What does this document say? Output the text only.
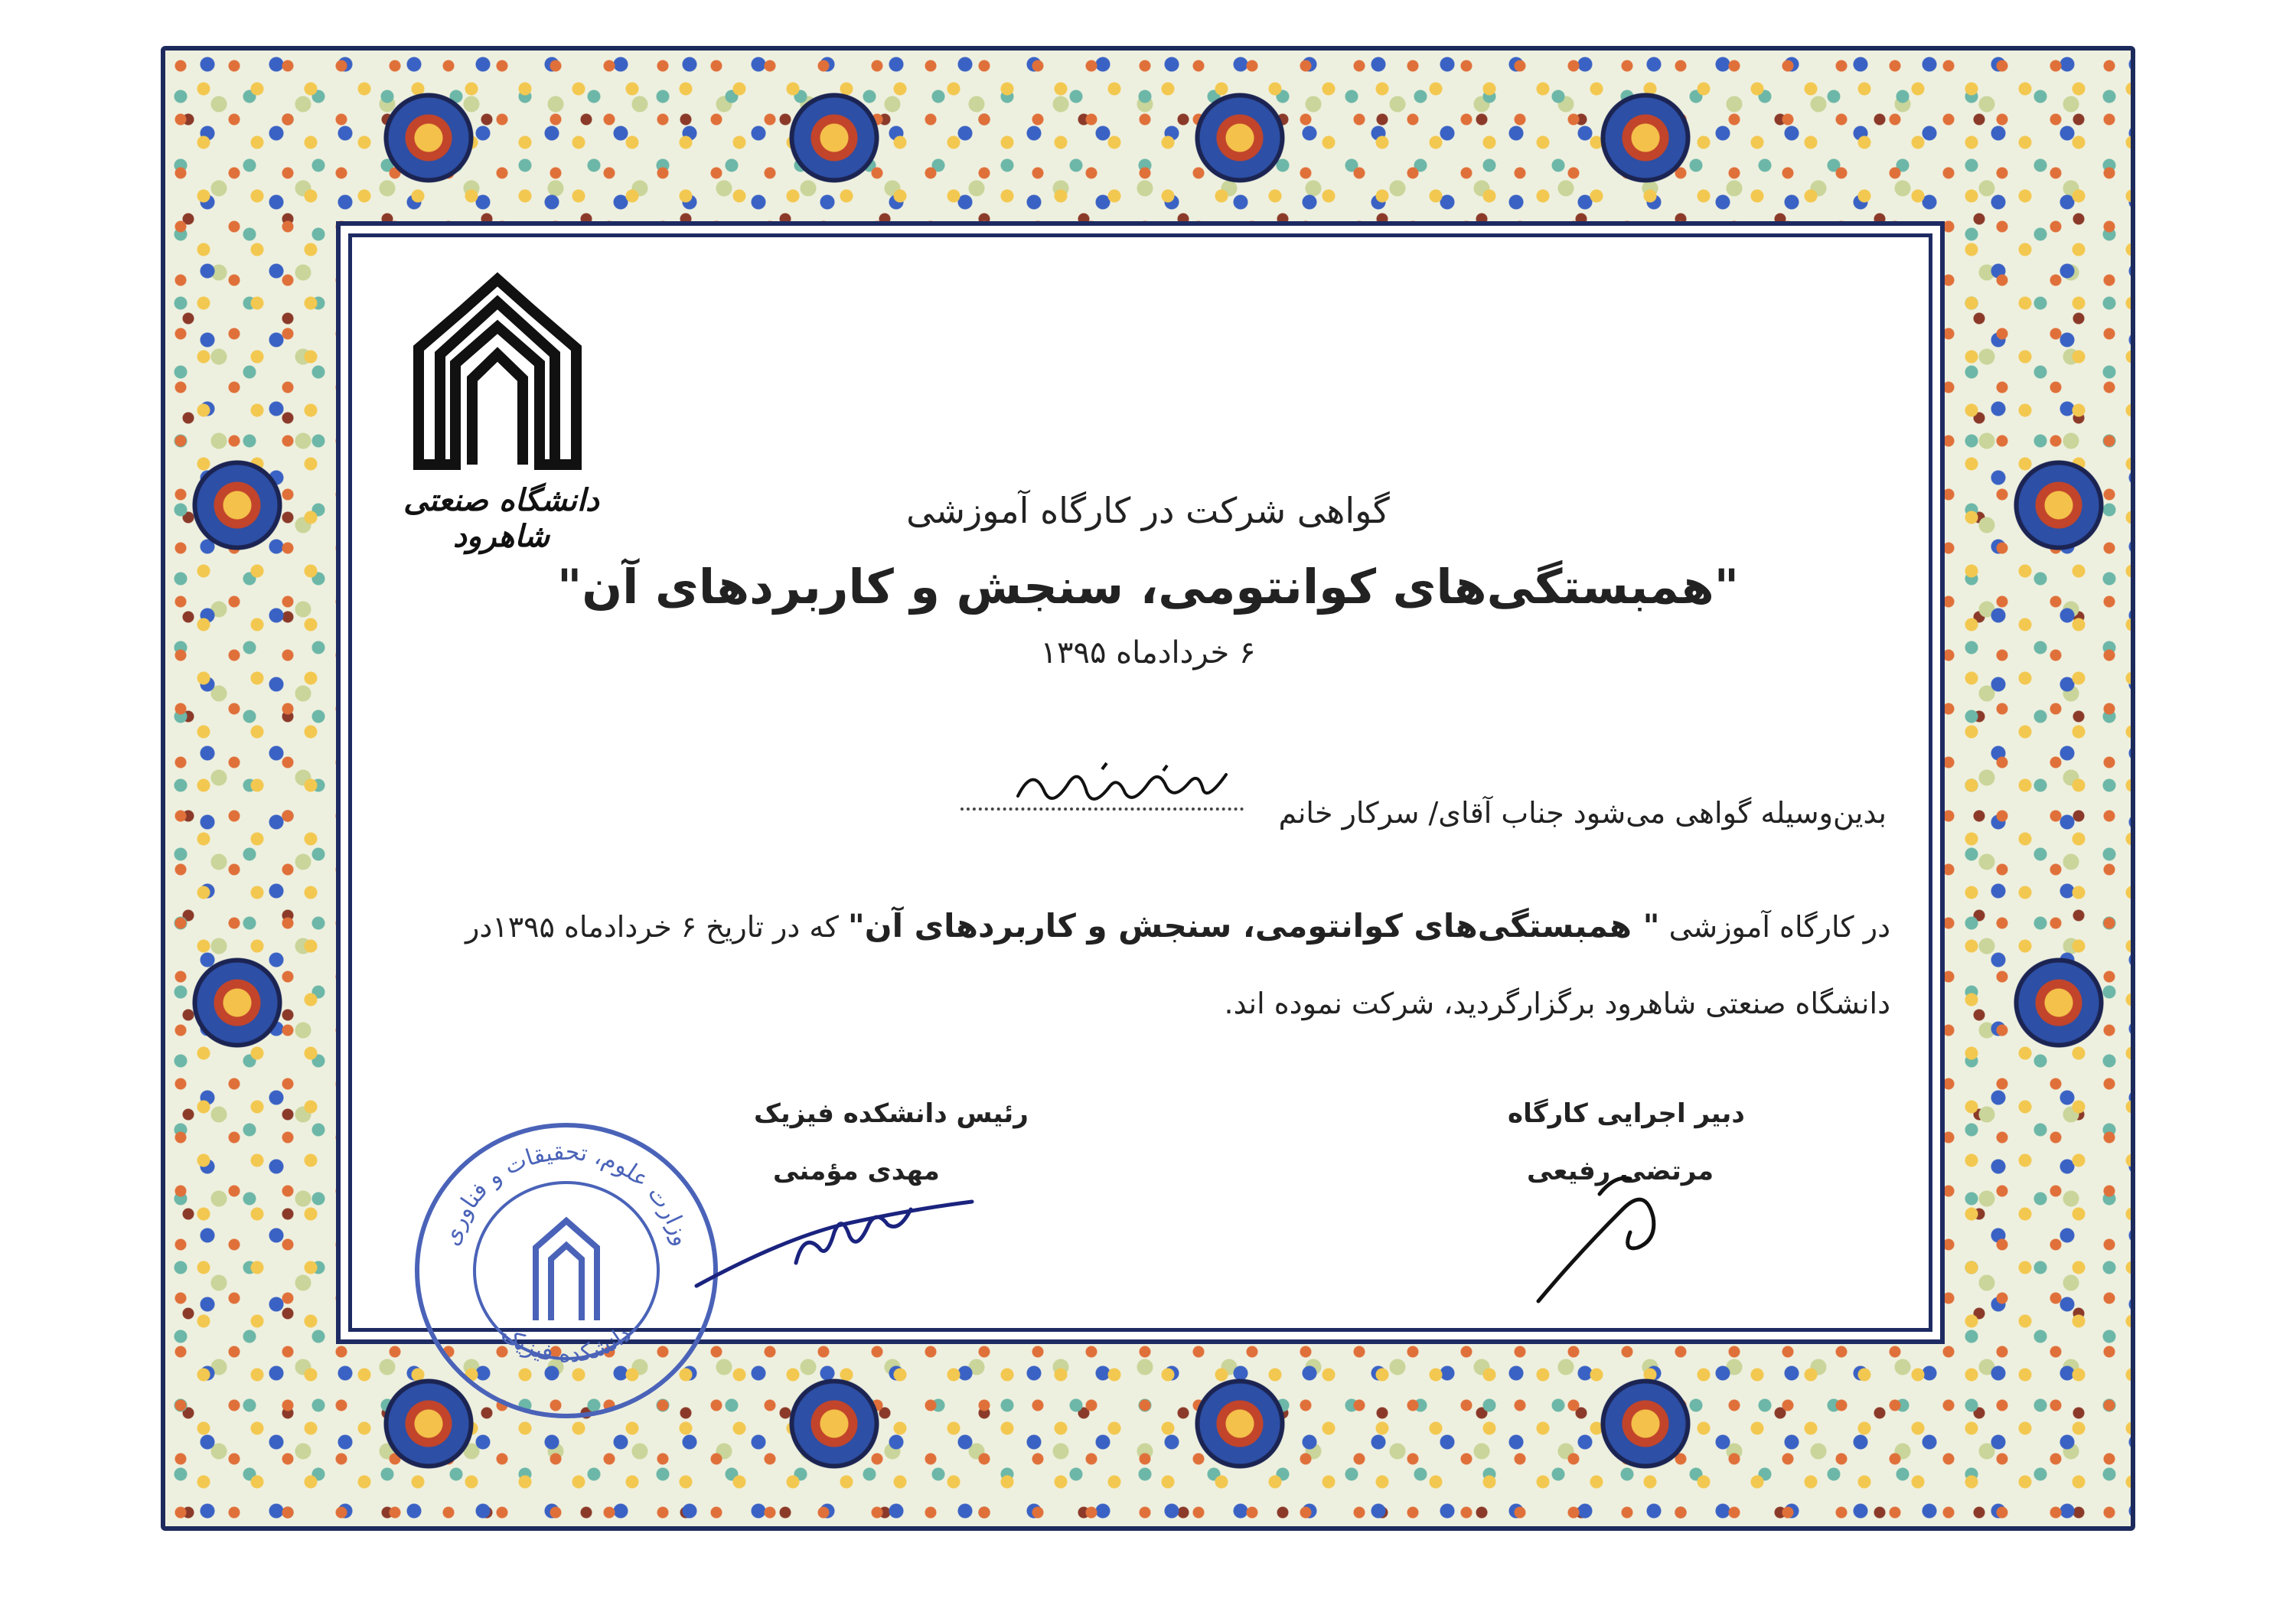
دانشگاه صنعتی شاهرود
گواهی شرکت در کارگاه آموزشی
"همبستگی‌های کوانتومی، سنجش و کاربردهای آن"
۶ خردادماه ۱۳۹۵
بدین‌وسیله گواهی می‌شود جناب آقای/ سرکار خانم
در کارگاه آموزشی " همبستگی‌های کوانتومی، سنجش و کاربردهای آن" که در تاریخ ۶ خردادماه ۱۳۹۵در دانشگاه صنعتی شاهرود برگزارگردید، شرکت نموده اند.
وزارت علوم، تحقیقات و فناوری
دانشکده فیزیک
رئیس دانشکده فیزیک
مهدی مؤمنی
دبیر اجرایی کارگاه
مرتضی رفیعی
